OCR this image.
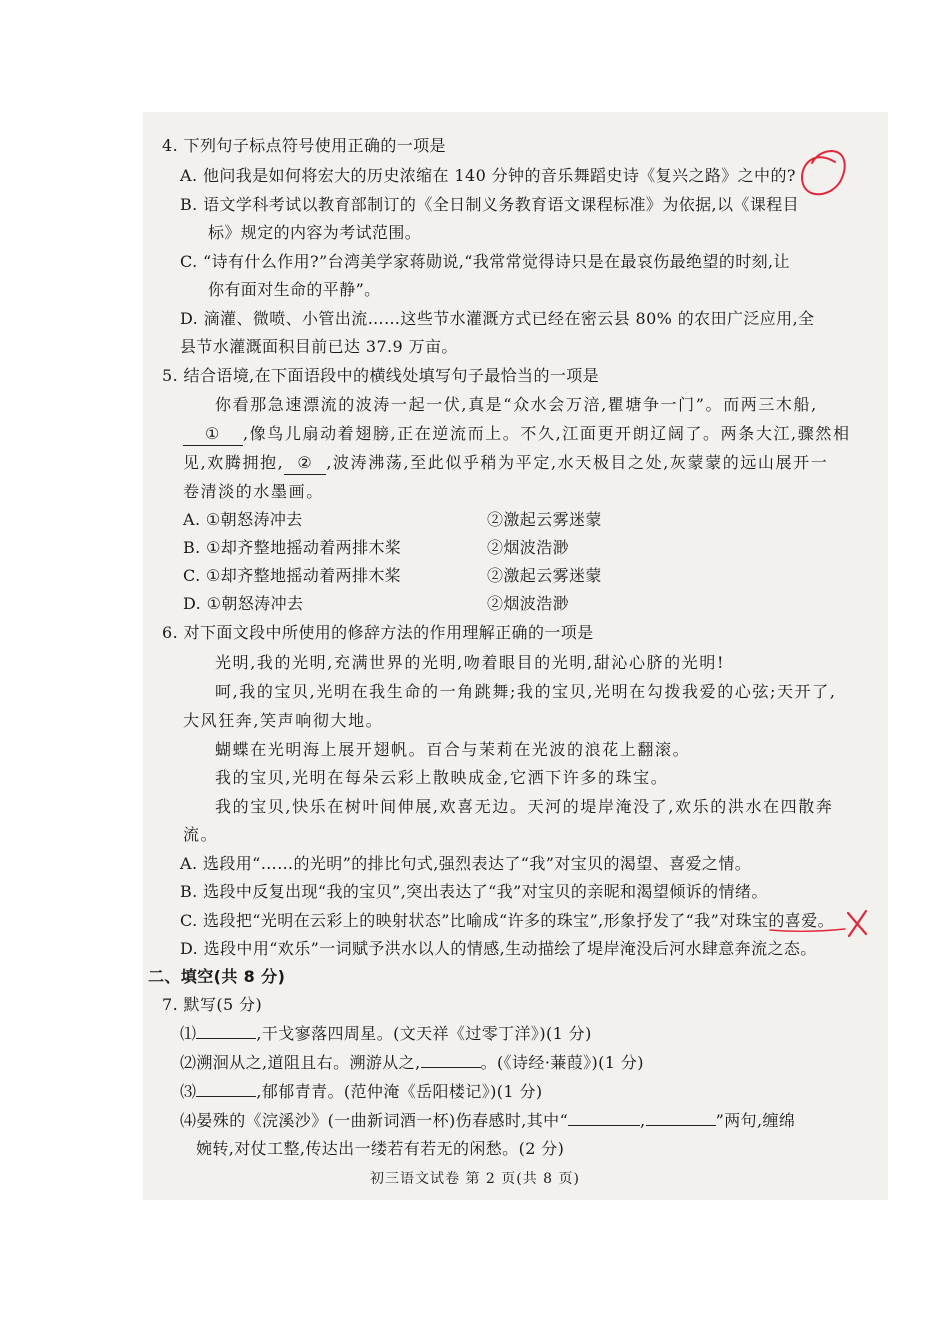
4. 下列句子标点符号使用正确的一项是
A. 他问我是如何将宏大的历史浓缩在 140 分钟的音乐舞蹈史诗《复兴之路》之中的?
B. 语文学科考试以教育部制订的《全日制义务教育语文课程标准》为依据,以《课程目
标》规定的内容为考试范围。
C. “诗有什么作用?”台湾美学家蒋勋说,“我常常觉得诗只是在最哀伤最绝望的时刻,让
你有面对生命的平静”。
D. 滴灌、微喷、小管出流……这些节水灌溉方式已经在密云县 80% 的农田广泛应用,全
县节水灌溉面积目前已达 37.9 万亩。
5. 结合语境,在下面语段中的横线处填写句子最恰当的一项是
你看那急速漂流的波涛一起一伏,真是“众水会万涪,瞿塘争一门”。而两三木船,
① ,像鸟儿扇动着翅膀,正在逆流而上。不久,江面更开朗辽阔了。两条大江,骤然相
见,欢腾拥抱, ② ,波涛沸荡,至此似乎稍为平定,水天极目之处,灰蒙蒙的远山展开一
卷清淡的水墨画。
A. ①朝怒涛冲去	②激起云雾迷蒙
B. ①却齐整地摇动着两排木桨	②烟波浩渺
C. ①却齐整地摇动着两排木桨	②激起云雾迷蒙
D. ①朝怒涛冲去	②烟波浩渺
6. 对下面文段中所使用的修辞方法的作用理解正确的一项是
光明,我的光明,充满世界的光明,吻着眼目的光明,甜沁心脐的光明!
呵,我的宝贝,光明在我生命的一角跳舞;我的宝贝,光明在勾拨我爱的心弦;天开了,
大风狂奔,笑声响彻大地。
蝴蝶在光明海上展开翅帆。百合与茉莉在光波的浪花上翻滚。
我的宝贝,光明在每朵云彩上散映成金,它洒下许多的珠宝。
我的宝贝,快乐在树叶间伸展,欢喜无边。天河的堤岸淹没了,欢乐的洪水在四散奔
流。
A. 选段用“……的光明”的排比句式,强烈表达了“我”对宝贝的渴望、喜爱之情。
B. 选段中反复出现“我的宝贝”,突出表达了“我”对宝贝的亲昵和渴望倾诉的情绪。
C. 选段把“光明在云彩上的映射状态”比喻成“许多的珠宝”,形象抒发了“我”对珠宝的喜爱。
D. 选段中用“欢乐”一词赋予洪水以人的情感,生动描绘了堤岸淹没后河水肆意奔流之态。
二、填空(共 8 分)
7. 默写(5 分)
⑴	,干戈寥落四周星。(文天祥《过零丁洋》)(1 分)
⑵溯洄从之,道阻且右。溯游从之,	。(《诗经·蒹葭》)(1 分)
⑶	,郁郁青青。(范仲淹《岳阳楼记》)(1 分)
⑷晏殊的《浣溪沙》(一曲新词酒一杯)伤春感时,其中“	,	”两句,缠绵
婉转,对仗工整,传达出一缕若有若无的闲愁。(2 分)
初三语文试卷 第 2 页(共 8 页)
